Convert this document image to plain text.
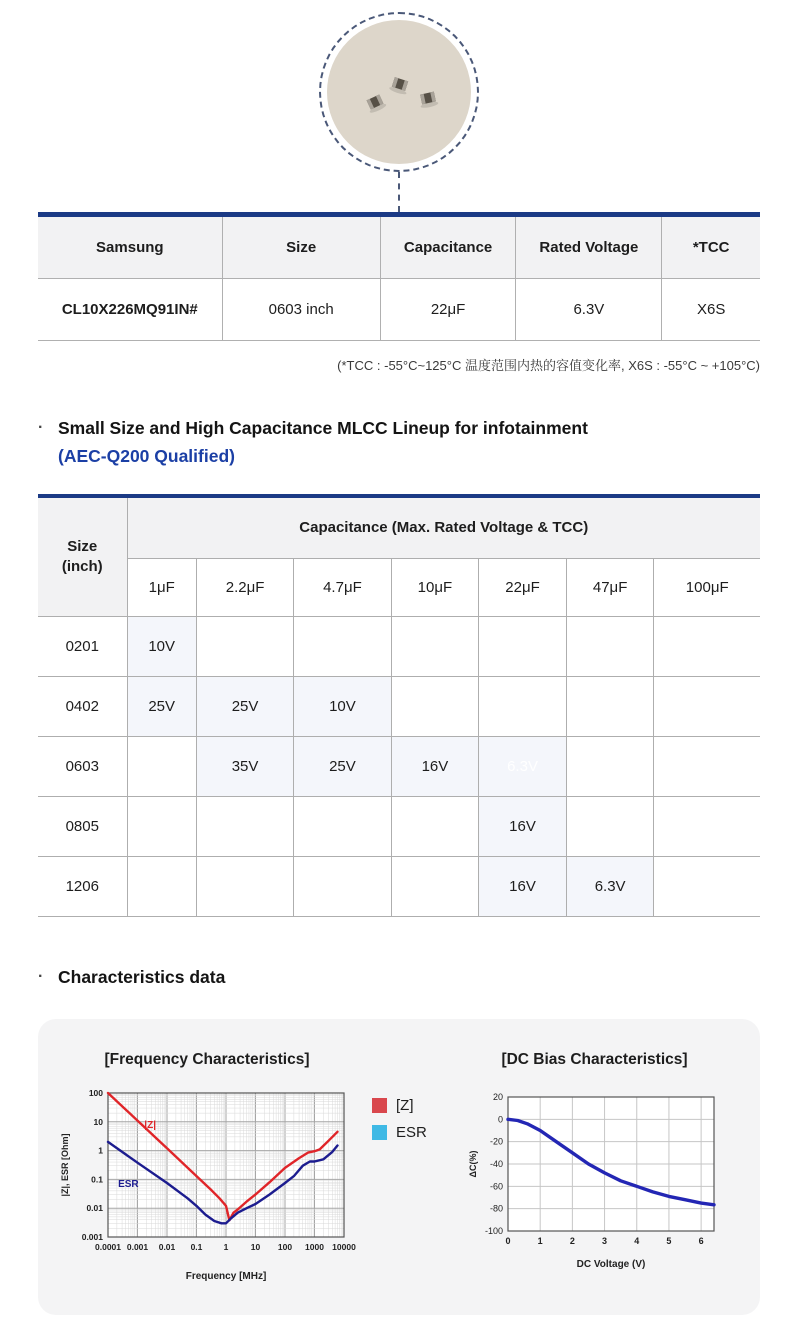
Samsung	Size	Capacitance	Rated Voltage	*TCC
CL10X226MQ91IN#	0603 inch	22μF	6.3V	X6S
(*TCC : -55°C~125°C 温度范围内热的容值变化率, X6S : -55°C ~ +105°C)
· Small Size and High Capacitance MLCC Lineup for infotainment
(AEC-Q200 Qualified)
Size
(inch)	Capacitance (Max. Rated Voltage & TCC)						
	1μF	2.2μF	4.7μF	10μF	22μF	47μF	100μF
0201	10V						
0402	25V	25V	10V				
0603		35V	25V	16V	6.3V		
0805					16V		
1206					16V	6.3V	
· Characteristics data
[Frequency Characteristics]
0.0001 0.001 0.01 0.1 1	10 100 1000 10000
100
10
1
0.1
0.01
0.001
Frequency [MHz]
|Z|, ESR [Ohm]
|Z|
ESR
[Z]
ESR
[DC Bias Characteristics]
0	1	2	3	4	5	6
20
0
-20
-40
-60
-80
-100
DC Voltage (V)
ΔC(%)
